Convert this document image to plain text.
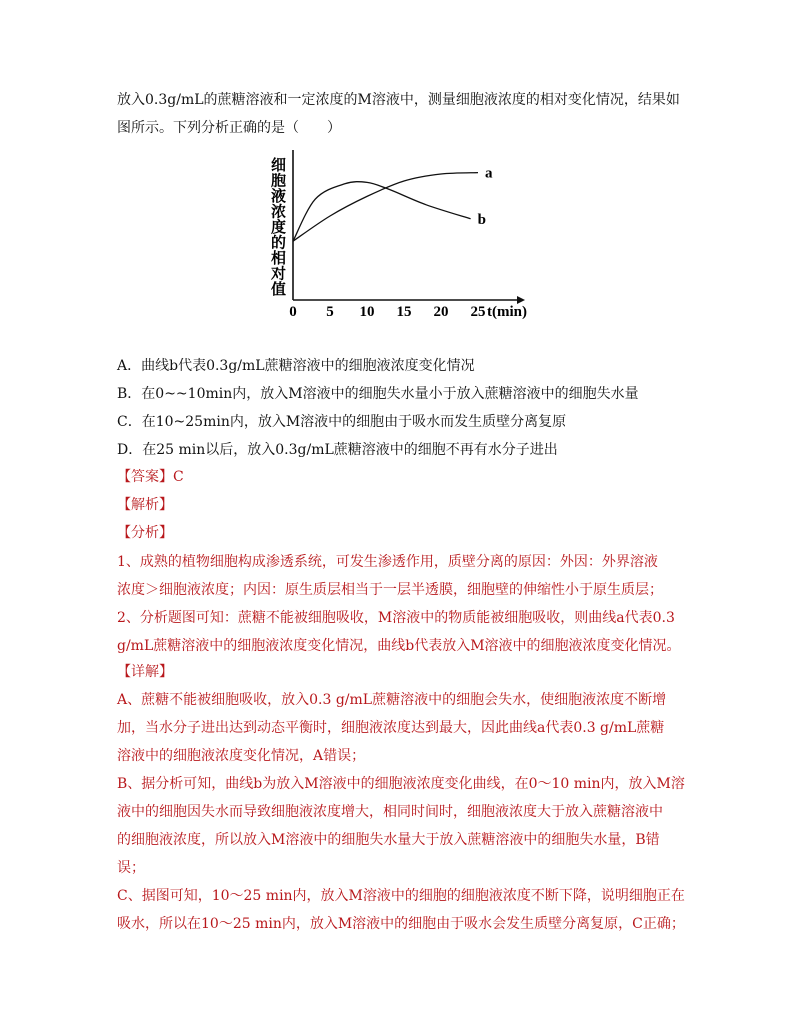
放入0.3g/mL的蔗糖溶液和一定浓度的M溶液中，测量细胞液浓度的相对变化情况，结果如
图所示。下列分析正确的是（　　）
细
胞
液
浓
度
的
相
对
值
0 5 10 15 20 25 t(min)
a
b
A．曲线b代表0.3g/mL蔗糖溶液中的细胞液浓度变化情况
B．在0~~10min内，放入M溶液中的细胞失水量小于放入蔗糖溶液中的细胞失水量
C．在10~25min内，放入M溶液中的细胞由于吸水而发生质壁分离复原
D．在25 min以后，放入0.3g/mL蔗糖溶液中的细胞不再有水分子进出
【答案】C
【解析】
【分析】
1、成熟的植物细胞构成渗透系统，可发生渗透作用，质壁分离的原因：外因：外界溶液
浓度＞细胞液浓度；内因：原生质层相当于一层半透膜，细胞壁的伸缩性小于原生质层；
2、分析题图可知：蔗糖不能被细胞吸收，M溶液中的物质能被细胞吸收，则曲线a代表0.3
g/mL蔗糖溶液中的细胞液浓度变化情况，曲线b代表放入M溶液中的细胞液浓度变化情况。
【详解】
A、蔗糖不能被细胞吸收，放入0.3 g/mL蔗糖溶液中的细胞会失水，使细胞液浓度不断增
加，当水分子进出达到动态平衡时，细胞液浓度达到最大，因此曲线a代表0.3 g/mL蔗糖
溶液中的细胞液浓度变化情况，A错误；
B、据分析可知，曲线b为放入M溶液中的细胞液浓度变化曲线，在0～10 min内，放入M溶
液中的细胞因失水而导致细胞液浓度增大，相同时间时，细胞液浓度大于放入蔗糖溶液中
的细胞液浓度，所以放入M溶液中的细胞失水量大于放入蔗糖溶液中的细胞失水量，B错
误；
C、据图可知，10～25 min内，放入M溶液中的细胞的细胞液浓度不断下降，说明细胞正在
吸水，所以在10～25 min内，放入M溶液中的细胞由于吸水会发生质壁分离复原，C正确；
